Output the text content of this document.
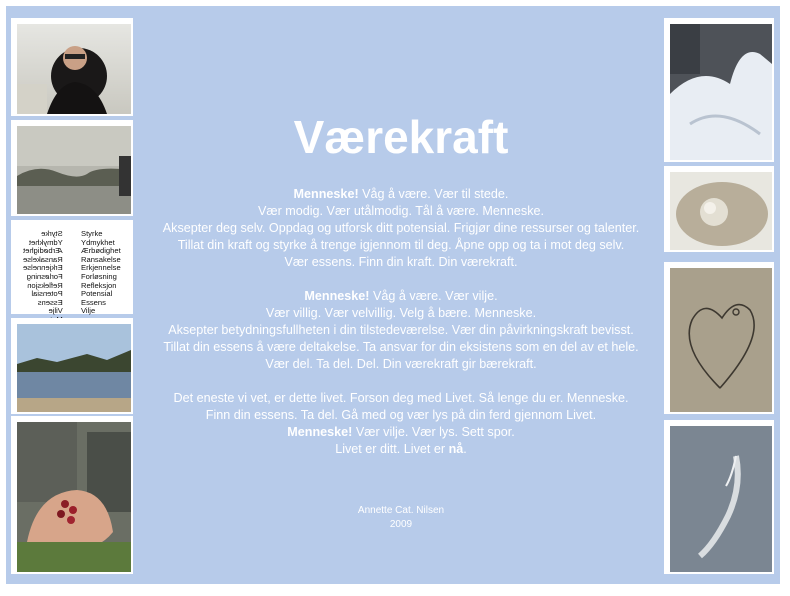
Styrke
Ydmykhet
Ærbødighet
Ransakelse
Erkjennelse
Forløsning
Refleksjon
Potensial
Essens
Vilje
Styrke
Ydmykhet
Ærbødighet
Ransakelse
Erkjennelse
Forløsning
Refleksjon
Potensial
Essens
Vilje
Værekraft

Menneske! Våg å være. Vær til stede.

Vær modig. Vær utålmodig. Tål å være. Menneske.

Aksepter deg selv. Oppdag og utforsk ditt potensial. Frigjør dine ressurser og talenter.

Tillat din kraft og styrke å trenge igjennom til deg. Åpne opp og ta i mot deg selv.

Vær essens. Finn din kraft. Din værekraft.

Menneske! Våg å være. Vær vilje.

Vær villig. Vær velvillig. Velg å bære. Menneske.

Aksepter betydningsfullheten i din tilstedeværelse. Vær din påvirkningskraft bevisst.

Tillat din essens å være deltakelse. Ta ansvar for din eksistens som en del av et hele.

Vær del. Ta del. Del. Din værekraft gir bærekraft.

Det eneste vi vet, er dette livet. Forson deg med Livet. Så lenge du er. Menneske.

Finn din essens. Ta del. Gå med og vær lys på din ferd gjennom Livet.

Menneske! Vær vilje. Vær lys. Sett spor.

Livet er ditt. Livet er nå.

Annette Cat. Nilsen
2009
